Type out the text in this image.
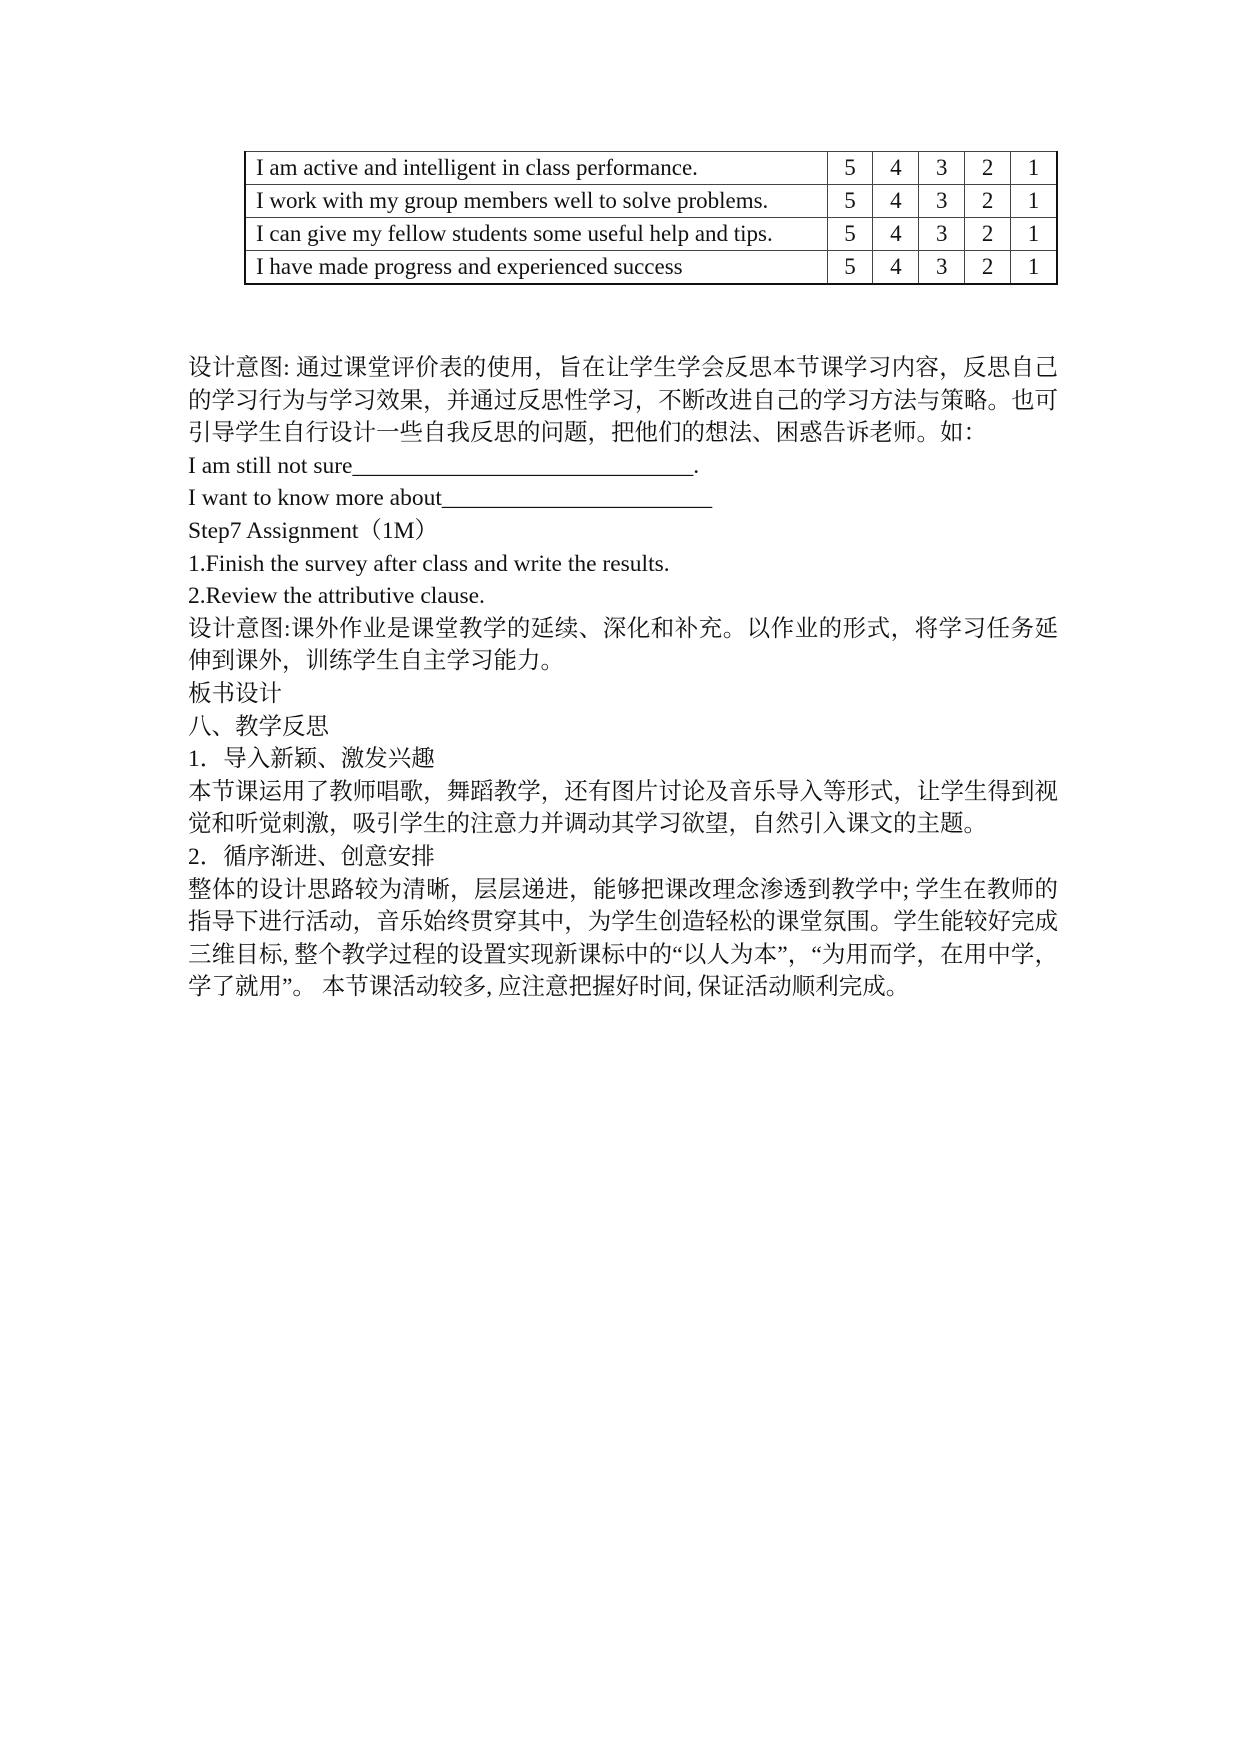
I am active and intelligent in class performance.	5	4	3	2	1
I work with my group members well to solve problems.	5	4	3	2	1
I can give my fellow students some useful help and tips.	5	4	3	2	1
I have made progress and experienced success	5	4	3	2	1

设计意图: 通过课堂评价表的使用，旨在让学生学会反思本节课学习内容，反思自己的学习行为与学习效果，并通过反思性学习，不断改进自己的学习方法与策略。也可引导学生自行设计一些自我反思的问题，把他们的想法、困惑告诉老师。如：

I am still not sure_____________________________.

I want to know more about_______________________

Step7 Assignment（1M）

1.Finish the survey after class and write the results.

2.Review the attributive clause.

设计意图:课外作业是课堂教学的延续、深化和补充。以作业的形式，将学习任务延伸到课外，训练学生自主学习能力。

板书设计

八、教学反思

1．导入新颖、激发兴趣

本节课运用了教师唱歌，舞蹈教学，还有图片讨论及音乐导入等形式，让学生得到视觉和听觉刺激，吸引学生的注意力并调动其学习欲望，自然引入课文的主题。

2．循序渐进、创意安排

整体的设计思路较为清晰，层层递进，能够把课改理念渗透到教学中; 学生在教师的指导下进行活动，音乐始终贯穿其中，为学生创造轻松的课堂氛围。学生能较好完成三维目标, 整个教学过程的设置实现新课标中的“以人为本”，“为用而学，在用中学，学了就用”。 本节课活动较多, 应注意把握好时间, 保证活动顺利完成。
